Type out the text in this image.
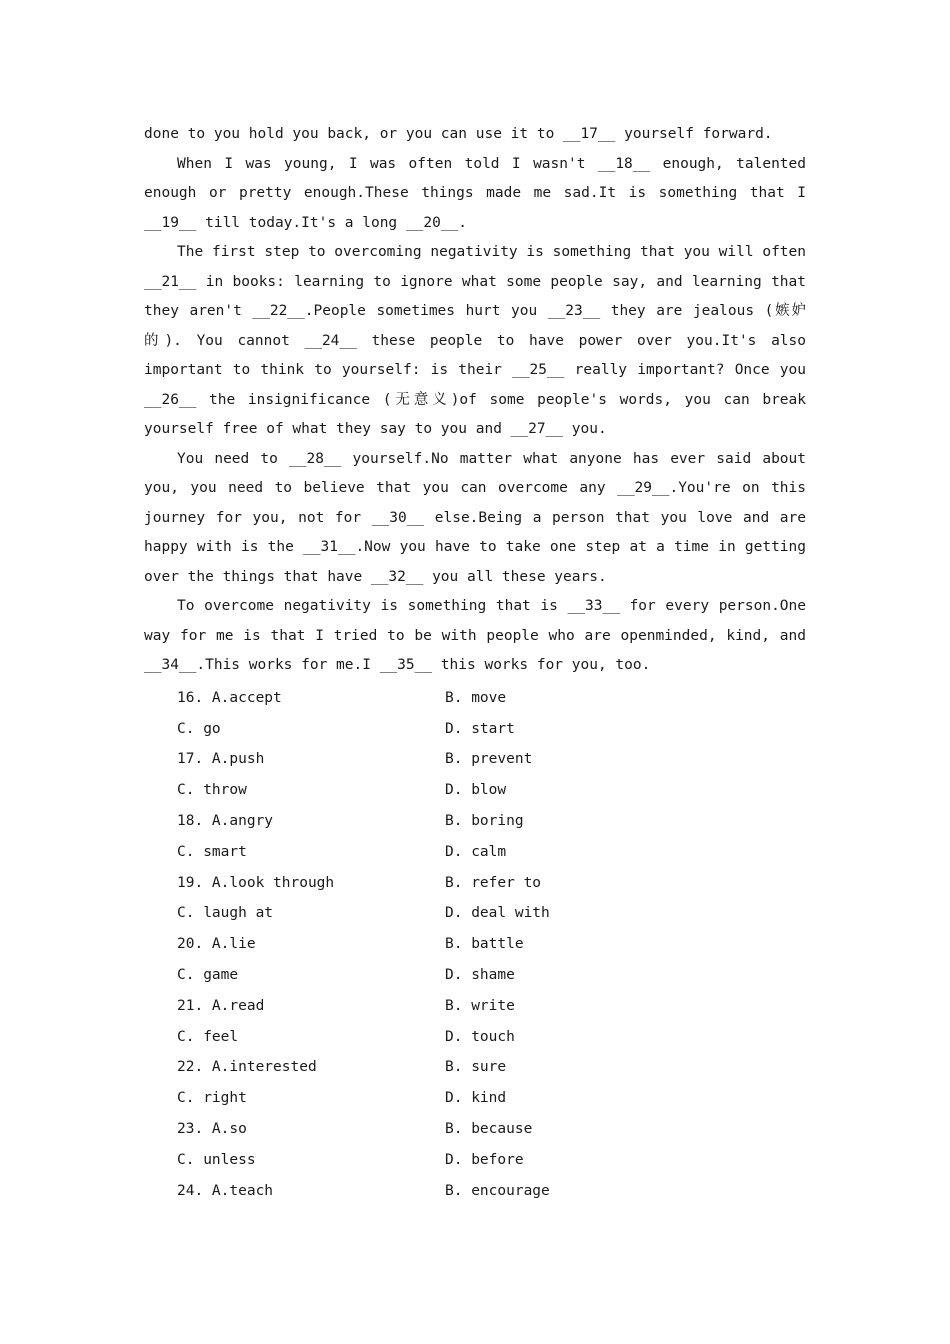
done to you hold you back, or you can use it to __17__ yourself forward.

When I was young, I was often told I wasn't __18__ enough, talented enough or pretty enough.These things made me sad.It is something that I __19__ till today.It's a long __20__.

The first step to overcoming negativity is something that you will often __21__ in books: learning to ignore what some people say, and learning that they aren't __22__.People sometimes hurt you __23__ they are jealous (嫉妒的). You cannot __24__ these people to have power over you.It's also important to think to yourself: is their __25__ really important? Once you __26__ the insignificance (无意义)of some people's words, you can break yourself free of what they say to you and __27__ you.

You need to __28__ yourself.No matter what anyone has ever said about you, you need to believe that you can overcome any __29__.You're on this journey for you, not for __30__ else.Being a person that you love and are happy with is the __31__.Now you have to take one step at a time in getting over the things that have __32__ you all these years.

To overcome negativity is something that is __33__ for every person.One way for me is that I tried to be with people who are openminded, kind, and __34__.This works for me.I __35__ this works for you, too.

16. A.accept	B. move
C. go	D. start
17. A.push	B. prevent
C. throw	D. blow
18. A.angry	B. boring
C. smart	D. calm
19. A.look through	B. refer to
C. laugh at	D. deal with
20. A.lie	B. battle
C. game	D. shame
21. A.read	B. write
C. feel	D. touch
22. A.interested	B. sure
C. right	D. kind
23. A.so	B. because
C. unless	D. before
24. A.teach	B. encourage
